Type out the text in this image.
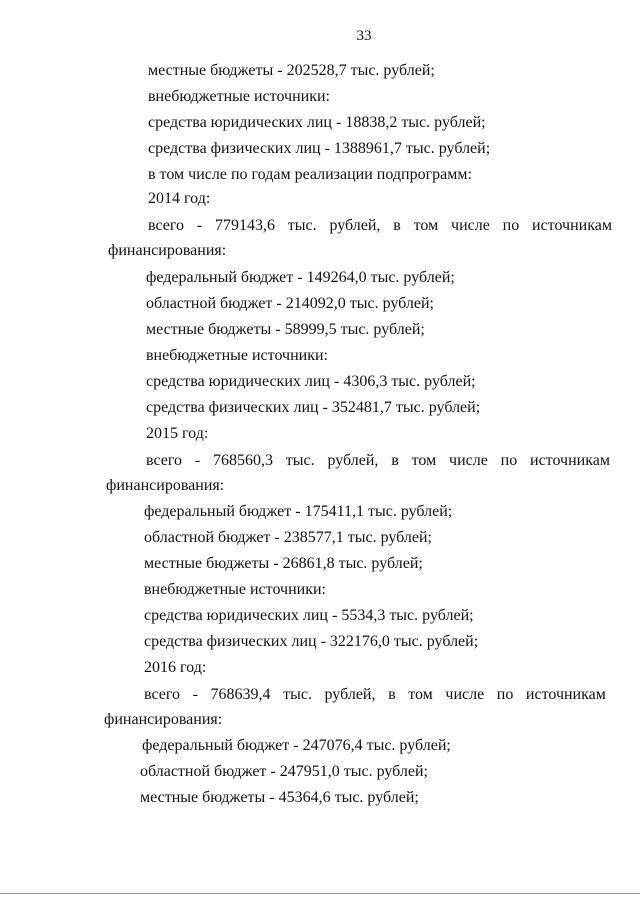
33
местные бюджеты - 202528,7 тыс. рублей;
внебюджетные источники:
средства юридических лиц - 18838,2 тыс. рублей;
средства физических лиц - 1388961,7 тыс. рублей;
в том числе по годам реализации подпрограмм:
2014 год:
всего - 779143,6 тыс. рублей, в том числе по источникам
финансирования:
федеральный бюджет - 149264,0 тыс. рублей;
областной бюджет - 214092,0 тыс. рублей;
местные бюджеты - 58999,5 тыс. рублей;
внебюджетные источники:
средства юридических лиц - 4306,3 тыс. рублей;
средства физических лиц - 352481,7 тыс. рублей;
2015 год:
всего - 768560,3 тыс. рублей, в том числе по источникам
финансирования:
федеральный бюджет - 175411,1 тыс. рублей;
областной бюджет - 238577,1 тыс. рублей;
местные бюджеты - 26861,8 тыс. рублей;
внебюджетные источники:
средства юридических лиц - 5534,3 тыс. рублей;
средства физических лиц - 322176,0 тыс. рублей;
2016 год:
всего - 768639,4 тыс. рублей, в том числе по источникам
финансирования:
федеральный бюджет - 247076,4 тыс. рублей;
областной бюджет - 247951,0 тыс. рублей;
местные бюджеты - 45364,6 тыс. рублей;
